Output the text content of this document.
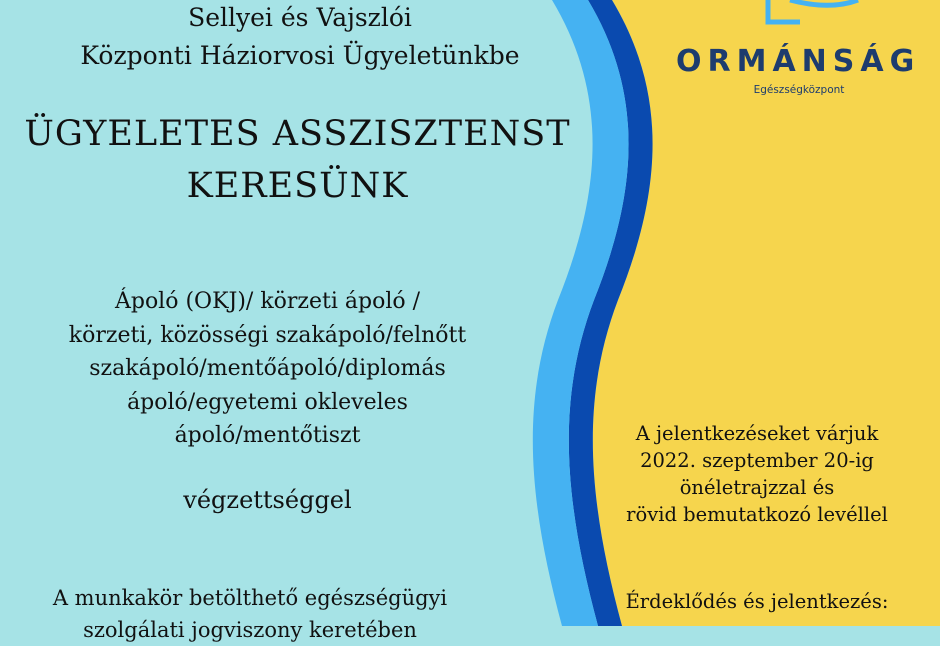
Sellyei és Vajszlói
Központi Háziorvosi Ügyeletünkbe
ÜGYELETES ASSZISZTENST
KERESÜNK
Ápoló (OKJ)/ körzeti ápoló /
körzeti, közösségi szakápoló/felnőtt
szakápoló/mentőápoló/diplomás
ápoló/egyetemi okleveles
ápoló/mentőtiszt
végzettséggel
A munkakör betölthető egészségügyi
szolgálati jogviszony keretében
ORMÁNSÁG
Egészségközpont
A jelentkezéseket várjuk
2022. szeptember 20-ig
önéletrajzzal és
rövid bemutatkozó levéllel
Érdeklődés és jelentkezés:
